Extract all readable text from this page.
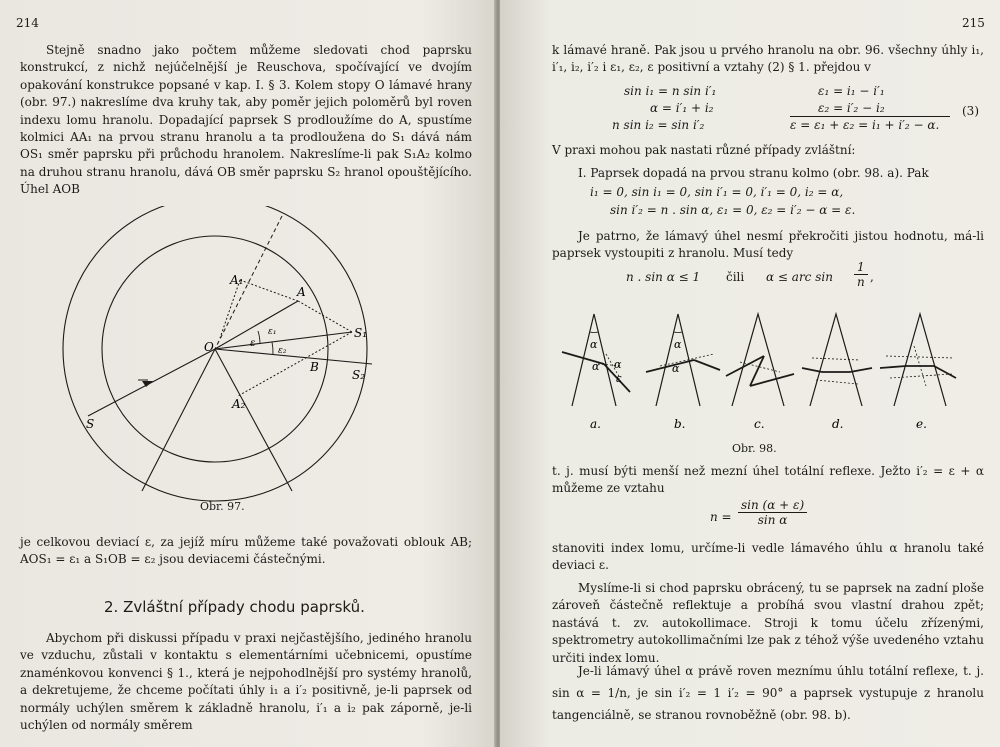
214

Stejně snadno jako počtem můžeme sledovati chod paprsku konstrukcí, z nichž nejúčelnější je Reuschova, spočívající ve dvojím opakování konstrukce popsané v kap. I. § 3. Kolem stopy O lámavé hrany (obr. 97.) nakreslíme dva kruhy tak, aby poměr jejich poloměrů byl roven indexu lomu hranolu. Dopadající paprsek S prodloužíme do A, spustíme kolmici AA₁ na prvou stranu hranolu a ta prodloužena do S₁ dává nám OS₁ směr paprsku při průchodu hranolem. Nakreslíme-li pak S₁A₂ kolmo na druhou stranu hranolu, dává OB směr paprsku S₂ hranol opouštějícího. Úhel AOB

A₁
A
O
S₁
B
S₂
A₂
S
ε
ε₁
ε₂
Obr. 97.

je celkovou deviací ε, za jejíž míru můžeme také považovati oblouk AB; AOS₁ = ε₁ a S₁OB = ε₂ jsou deviacemi částečnými.

2. Zvláštní případy chodu paprsků.

Abychom při diskussi případu v praxi nejčastějšího, jediného hranolu ve vzduchu, zůstali v kontaktu s elementárními učebnicemi, opustíme znaménkovou konvenci § 1., která je nejpohodlnější pro systémy hranolů, a dekretujeme, že chceme počítati úhly i₁ a i′₂ positivně, je-li paprsek od normály uchýlen směrem k základně hranolu, i′₁ a i₂ pak záporně, je-li uchýlen od normály směrem

215

k lámavé hraně. Pak jsou u prvého hranolu na obr. 96. všechny úhly i₁, i′₁, i₂, i′₂ i ε₁, ε₂, ε positivní a vztahy (2) § 1. přejdou v

sin i₁ = n sin i′₁
α = i′₁ + i₂
n sin i₂ = sin i′₂
ε₁ = i₁ − i′₁
ε₂ = i′₂ − i₂
ε = ε₁ + ε₂ = i₁ + i′₂ − α.
(3)

V praxi mohou pak nastati různé případy zvláštní:

I. Paprsek dopadá na prvou stranu kolmo (obr. 98. a). Pak

i₁ = 0, sin i₁ = 0, sin i′₁ = 0, i′₁ = 0, i₂ = α,
sin i′₂ = n . sin α, ε₁ = 0, ε₂ = i′₂ − α = ε.

Je patrno, že lámavý úhel nesmí překročiti jistou hodnotu, má-li paprsek vystoupiti z hranolu. Musí tedy

n . sin α ≤ 1 čili α ≤ arc $\sin \frac{1}{n}$ ,
α
α α
ε
α
α
a.	b.	c.	d.	e.
Obr. 98.

t. j. musí býti menší než mezní úhel totální reflexe. Ježto i′₂ = ε + α můžeme ze vztahu

$n = \frac{\sin (\alpha + \varepsilon)}{\text{sin α}}$

stanoviti index lomu, určíme-li vedle lámavého úhlu α hranolu také deviaci ε.

Myslíme-li si chod paprsku obrácený, tu se paprsek na zadní ploše zároveň částečně reflektuje a probíhá svou vlastní drahou zpět; nastává t. zv. autokollimace. Stroji k tomu účelu zřízenými, spektrometry autokollimačními lze pak z téhož výše uvedeného vztahu určiti index lomu.

Je-li lámavý úhel α právě roven meznímu úhlu totální reflexe, t. j. sin α = 1/n, je sin i′₂ = 1 i′₂ = 90° a paprsek vystupuje z hranolu tangenciálně, se stranou rovnoběžně (obr. 98. b).
